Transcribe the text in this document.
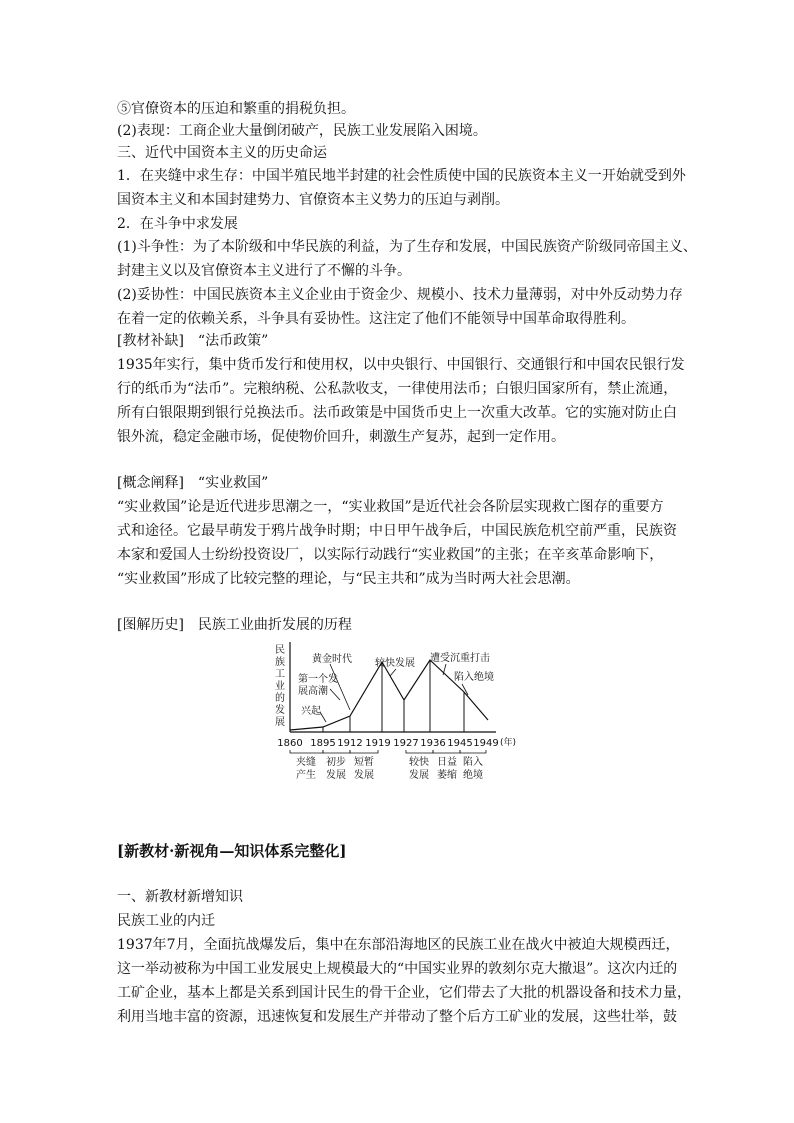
⑤官僚资本的压迫和繁重的捐税负担。
(2)表现：工商企业大量倒闭破产，民族工业发展陷入困境。
三、近代中国资本主义的历史命运
1．在夹缝中求生存：中国半殖民地半封建的社会性质使中国的民族资本主义一开始就受到外
国资本主义和本国封建势力、官僚资本主义势力的压迫与剥削。
2．在斗争中求发展
(1)斗争性：为了本阶级和中华民族的利益，为了生存和发展，中国民族资产阶级同帝国主义、
封建主义以及官僚资本主义进行了不懈的斗争。
(2)妥协性：中国民族资本主义企业由于资金少、规模小、技术力量薄弱，对中外反动势力存
在着一定的依赖关系，斗争具有妥协性。这注定了他们不能领导中国革命取得胜利。
[教材补缺]　“法币政策”
1935年实行，集中货币发行和使用权，以中央银行、中国银行、交通银行和中国农民银行发
行的纸币为“法币”。完粮纳税、公私款收支，一律使用法币；白银归国家所有，禁止流通，
所有白银限期到银行兑换法币。法币政策是中国货币史上一次重大改革。它的实施对防止白
银外流，稳定金融市场，促使物价回升，刺激生产复苏，起到一定作用。
[概念阐释]　“实业救国”
“实业救国”论是近代进步思潮之一，“实业救国”是近代社会各阶层实现救亡图存的重要方
式和途径。它最早萌发于鸦片战争时期；中日甲午战争后，中国民族危机空前严重，民族资
本家和爱国人士纷纷投资设厂，以实际行动践行“实业救国”的主张；在辛亥革命影响下，
“实业救国”形成了比较完整的理论，与“民主共和”成为当时两大社会思潮。
[图解历史]　民族工业曲折发展的历程
民
族
工
业
的
发
展
黄金时代 较快发展 遭受沉重打击
第一个发
展高潮
陷入绝境
兴起
1860 1895 1912 1919 1927 1936 1945 1949 (年)
夹缝
产生
初步
发展
短暂
发展
较快
发展
日益
萎缩
陷入
绝境
[新教材·新视角—知识体系完整化]
一、新教材新增知识
民族工业的内迁
1937年7月，全面抗战爆发后，集中在东部沿海地区的民族工业在战火中被迫大规模西迁，
这一举动被称为中国工业发展史上规模最大的“中国实业界的敦刻尔克大撤退”。这次内迁的
工矿企业，基本上都是关系到国计民生的骨干企业，它们带去了大批的机器设备和技术力量，
利用当地丰富的资源，迅速恢复和发展生产并带动了整个后方工矿业的发展，这些壮举，鼓
